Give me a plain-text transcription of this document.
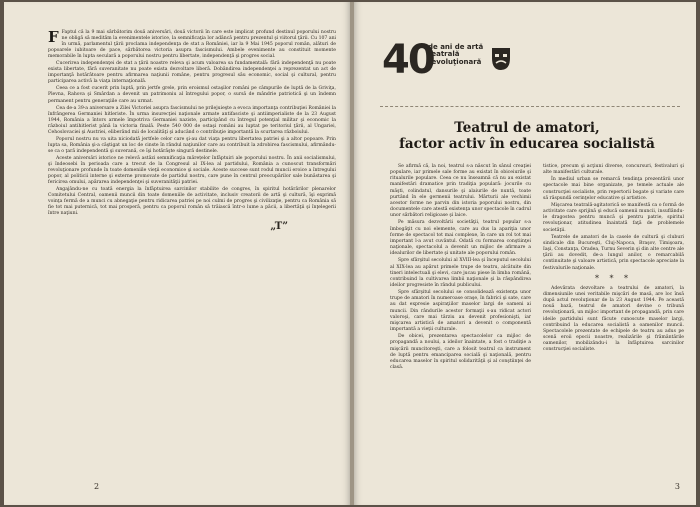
F Faptul că la 9 mai sărbătorim două aniversări, două victorii în care este implicat profund destinul poporului nostru ne obligă să medităm la evenimentele istorice, la semnificaţia lor adâncă pentru prezentul şi viitorul ţării. Cu 107 ani în urmă, parlamentul ţării proclama independenţa de stat a României, iar la 9 Mai 1945 poporul român, alături de popoarele iubitoare de pace, sărbătorea victoria asupra fascismului. Ambele evenimente au constituit momente memorabile în lupta seculară a poporului nostru pentru libertate, independenţă şi progres social.

Cucerirea independenţei de stat a ţării noastre releva şi acum valoarea sa fundamentală: fără independenţă nu poate exista libertate, fără suveranitate nu poate exista dezvoltare liberă. Dobândirea independenţei a reprezentat un act de importanţă hotărâtoare pentru afirmarea naţiunii române, pentru progresul său economic, social şi cultural, pentru participarea activă la viaţa internaţională.

Ceea ce a fost cucerit prin luptă, prin jertfe grele, prin eroismul ostaşilor români pe câmpurile de luptă de la Griviţa, Plevna, Rahova şi Smârdan a devenit un patrimoniu al întregului popor, o sursă de mândrie patriotică şi un îndemn permanent pentru generaţiile care au urmat.

Cea de-a 39-a aniversare a Zilei Victoriei asupra fascismului ne prilejuieşte a evoca importanţa contribuţiei României la înfrângerea Germaniei hitleriste. În urma insurecţiei naţionale armate antifasciste şi antiimperialiste de la 23 August 1944, România a întors armele împotriva Germaniei naziste, participând cu întregul potenţial militar şi economic la războiul antihitlerist până la victoria finală. Peste 540 000 de ostaşi români au luptat pe teritoriul ţării, al Ungariei, Cehoslovaciei şi Austriei, eliberând mii de localităţi şi aducând o contribuţie importantă la scurtarea războiului.

Poporul nostru nu va uita niciodată jertfele celor care şi-au dat viaţa pentru libertatea patriei şi a altor popoare. Prin lupta sa, România şi-a câştigat un loc de cinste în rândul naţiunilor care au contribuit la zdrobirea fascismului, afirmându-se ca o ţară independentă şi suverană, ce îşi hotărăşte singură destinele.

Aceste aniversări istorice ne relevă astăzi semnificaţia mărețelor înfăptuiri ale poporului nostru. În anii socialismului, şi îndeosebi în perioada care a trecut de la Congresul al IX-lea al partidului, România a cunoscut transformări revoluţionare profunde în toate domeniile vieţii economice şi sociale. Aceste succese sunt rodul muncii eroice a întregului popor, al politicii interne şi externe promovate de partidul nostru, care pune în centrul preocupărilor sale bunăstarea şi fericirea omului, apărarea independenţei şi suveranităţii patriei.

Angajându-ne cu toată energia la înfăptuirea sarcinilor stabilite de congres, în spiritul hotărârilor plenarelor Comitetului Central, oamenii muncii din toate domeniile de activitate, inclusiv creatorii de artă şi cultură, îşi exprimă voinţa fermă de a munci cu abnegaţie pentru ridicarea patriei pe noi culmi de progres şi civilizaţie, pentru ca România să fie tot mai puternică, tot mai prosperă, pentru ca poporul român să trăiască într-o lume a păcii, a libertăţii şi înţelegerii între naţiuni.

„T”
2
40
de ani de artă
teatrală
revoluţionară
Teatrul de amatori,
factor activ în educarea socialistă

Se afirmă că, la noi, teatrul s-a născut în sânul creaţiei populare, iar primele sale forme au existat în obiceiurile şi ritualurile populare. Ceea ce nu înseamnă că nu au existat manifestări dramatice prin tradiţia populară: jocurile cu măşti, colindatul, dansurile şi alaiurile de nuntă, toate purtând în ele germenii teatrului. Mărturii ale vechimii acestor forme ne parvin din istoria poporului nostru, din documentele care atestă existenţa unor spectacole în cadrul unor sărbători religioase şi laice.

Pe măsura dezvoltării societăţii, teatrul popular s-a îmbogăţit cu noi elemente, care au dus la apariţia unor forme de spectacol tot mai complexe, în care un rol tot mai important l-a avut cuvântul. Odată cu formarea conştiinţei naţionale, spectacolul a devenit un mijloc de afirmare a idealurilor de libertate şi unitate ale poporului român.

Spre sfârşitul secolului al XVIII-lea şi începutul secolului al XIX-lea au apărut primele trupe de teatru, alcătuite din tineri intelectuali şi elevi, care jucau piese în limba română, contribuind la cultivarea limbii naţionale şi la răspândirea ideilor progresiste în rândul publicului.

Spre sfârşitul secolului se consolidează existenţa unor trupe de amatori în numeroase oraşe, în fabrici şi sate, care au dat expresie aspiraţiilor maselor largi de oameni ai muncii. Din rândurile acestor formaţii s-au ridicat actori valoroşi, care mai târziu au devenit profesionişti, iar mişcarea artistică de amatori a devenit o componentă importantă a vieţii culturale.

De obicei, prezentarea spectacolelor ca mijloc de propagandă a noului, a ideilor înaintate, a fost o tradiţie a mişcării muncitoreşti, care a folosit teatrul ca instrument de luptă pentru emanciparea socială şi naţională, pentru educarea maselor în spiritul solidarităţii şi al conştiinţei de clasă.

tistice, precum şi acţiuni diverse, concursuri, festivaluri şi alte manifestări culturale.

În mediul urban se remarcă tendinţa prezentării unor spectacole mai bine organizate, pe temele actuale ale construcţiei socialiste, prin repertorii bogate şi variate care să răspundă cerinţelor educative şi artistice.

Mişcarea teatrală-agitatorică se manifestă ca o formă de activitate care sprijină şi educă oamenii muncii, insuflându-le dragostea pentru muncă şi pentru patrie, spiritul revoluţionar, atitudinea înaintată faţă de problemele societăţii.

Teatrele de amatori de la casele de cultură şi cluburi sindicale din Bucureşti, Cluj-Napoca, Braşov, Timişoara, Iaşi, Constanţa, Oradea, Turnu Severin şi din alte centre ale ţării au dovedit, de-a lungul anilor, o remarcabilă continuitate şi valoare artistică, prin spectacole apreciate la festivalurile naţionale.

* * *

Adevărata dezvoltare a teatrului de amatori, la dimensiunile unei veritabile mişcări de masă, are loc însă după actul revoluţionar de la 23 August 1944. Pe această nouă bază, teatrul de amatori devine o tribună revoluţionară, un mijloc important de propagandă, prin care ideile partidului sunt făcute cunoscute maselor largi, contribuind la educarea socialistă a oamenilor muncii. Spectacolele prezentate de echipele de teatru au adus pe scenă eroii epocii noastre, realizările şi frământările oamenilor, mobilizându-i la înfăptuirea sarcinilor construcţiei socialiste.

3
